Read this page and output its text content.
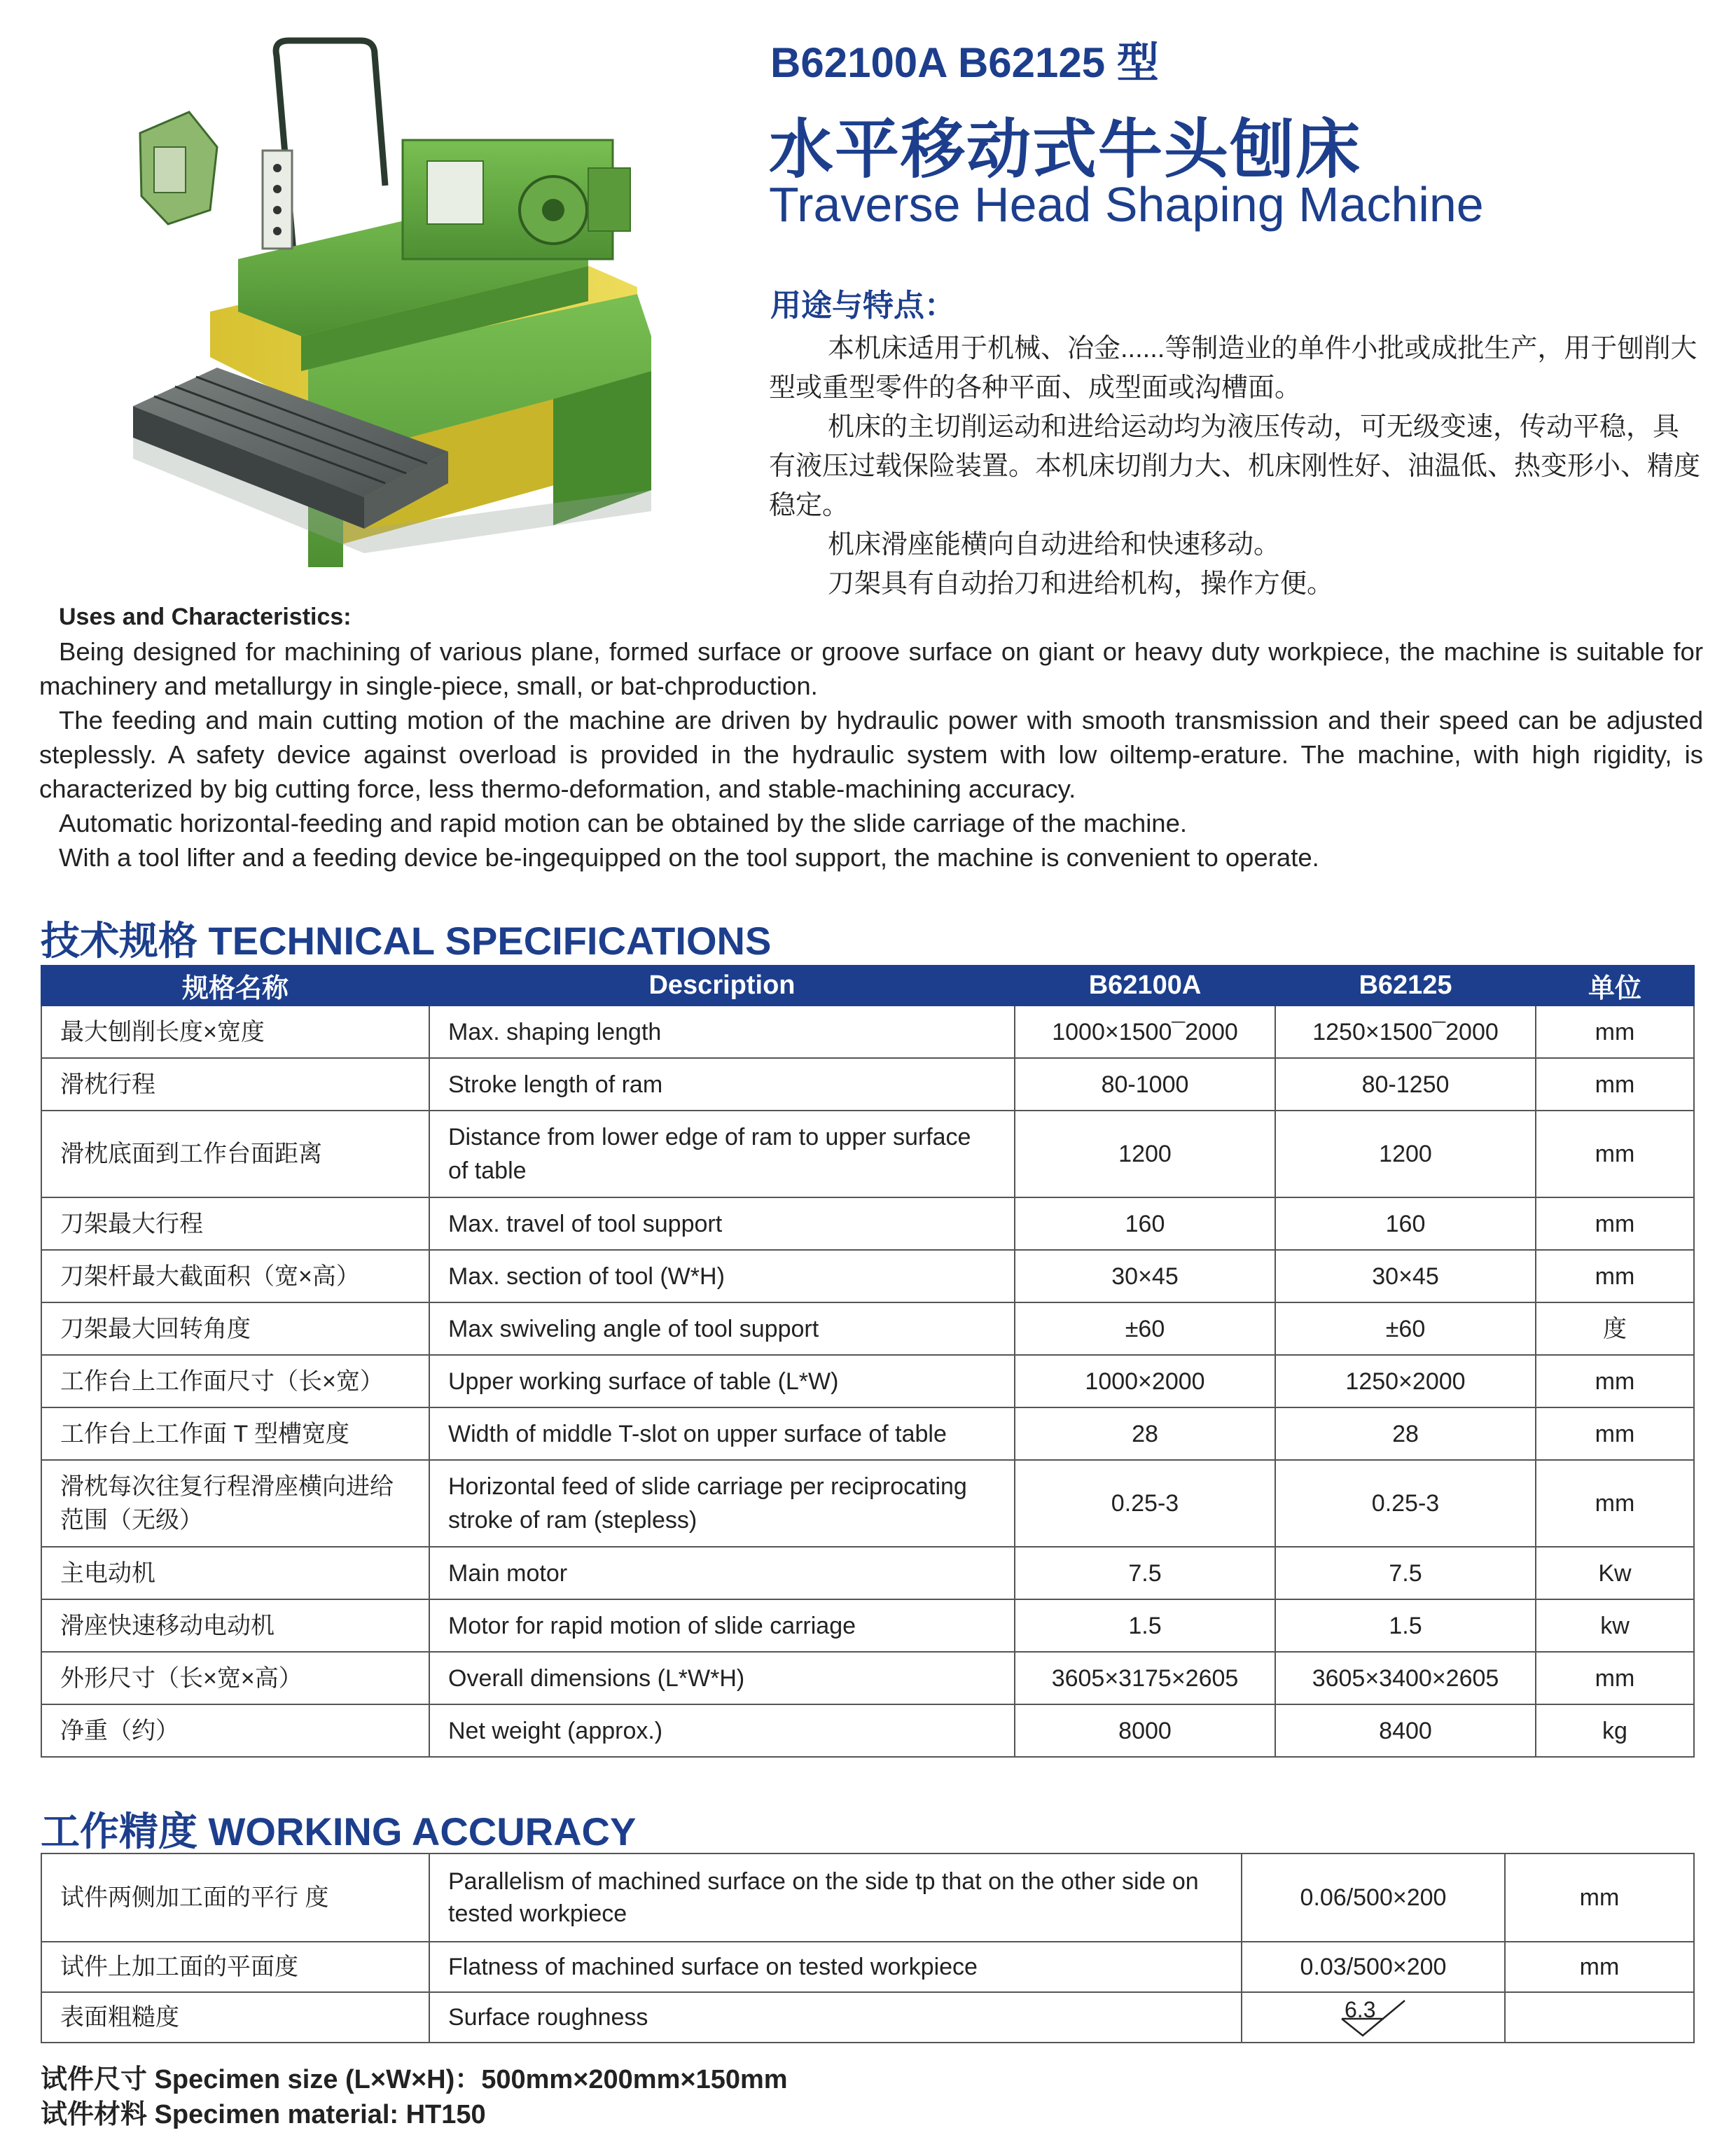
B62100A B62125 型
水平移动式牛头刨床
Traverse Head Shaping Machine
用途与特点：

本机床适用于机械、冶金......等制造业的单件小批或成批生产，用于刨削大型或重型零件的各种平面、成型面或沟槽面。

机床的主切削运动和进给运动均为液压传动，可无级变速，传动平稳，具有液压过载保险装置。本机床切削力大、机床刚性好、油温低、热变形小、精度稳定。

机床滑座能横向自动进给和快速移动。

刀架具有自动抬刀和进给机构，操作方便。

Uses and Characteristics:

Being designed for machining of various plane, formed surface or groove surface on giant or heavy duty workpiece, the machine is suitable for machinery and metallurgy in single-piece, small, or bat-chproduction.

The feeding and main cutting motion of the machine are driven by hydraulic power with smooth transmission and their speed can be adjusted steplessly. A safety device against overload is provided in the hydraulic system with low oiltemp-erature. The machine, with high rigidity, is characterized by big cutting force, less thermo-deformation, and stable-machining accuracy.

Automatic horizontal-feeding and rapid motion can be obtained by the slide carriage of the machine.

With a tool lifter and a feeding device be-ingequipped on the tool support, the machine is convenient to operate.

技术规格 TECHNICAL SPECIFICATIONS
规格名称	Description	B62100A	B62125	单位
最大刨削长度×宽度	Max. shaping length	1000×1500¯2000	1250×1500¯2000	mm
滑枕行程	Stroke length of ram	80-1000	80-1250	mm
滑枕底面到工作台面距离	Distance from lower edge of ram to upper surface of table	1200	1200	mm
刀架最大行程	Max. travel of tool support	160	160	mm
刀架杆最大截面积（宽×高）	Max. section of tool (W*H)	30×45	30×45	mm
刀架最大回转角度	Max swiveling angle of tool support	±60	±60	度
工作台上工作面尺寸（长×宽）	Upper working surface of table (L*W)	1000×2000	1250×2000	mm
工作台上工作面 T 型槽宽度	Width of middle T-slot on upper surface of table	28	28	mm
滑枕每次往复行程滑座横向进给范围（无级）	Horizontal feed of slide carriage per reciprocating stroke of ram (stepless)	0.25-3	0.25-3	mm
主电动机	Main motor	7.5	7.5	Kw
滑座快速移动电动机	Motor for rapid motion of slide carriage	1.5	1.5	kw
外形尺寸（长×宽×高）	Overall dimensions (L*W*H)	3605×3175×2605	3605×3400×2605	mm
净重（约）	Net weight (approx.)	8000	8400	kg
工作精度 WORKING ACCURACY
试件两侧加工面的平行 度	Parallelism of machined surface on the side tp that on the other side on tested workpiece	0.06/500×200	mm
试件上加工面的平面度	Flatness of machined surface on tested workpiece	0.03/500×200	mm
表面粗糙度	Surface roughness	6.3	

试件尺寸 Specimen size (L×W×H)：500mm×200mm×150mm
试件材料 Specimen material: HT150
